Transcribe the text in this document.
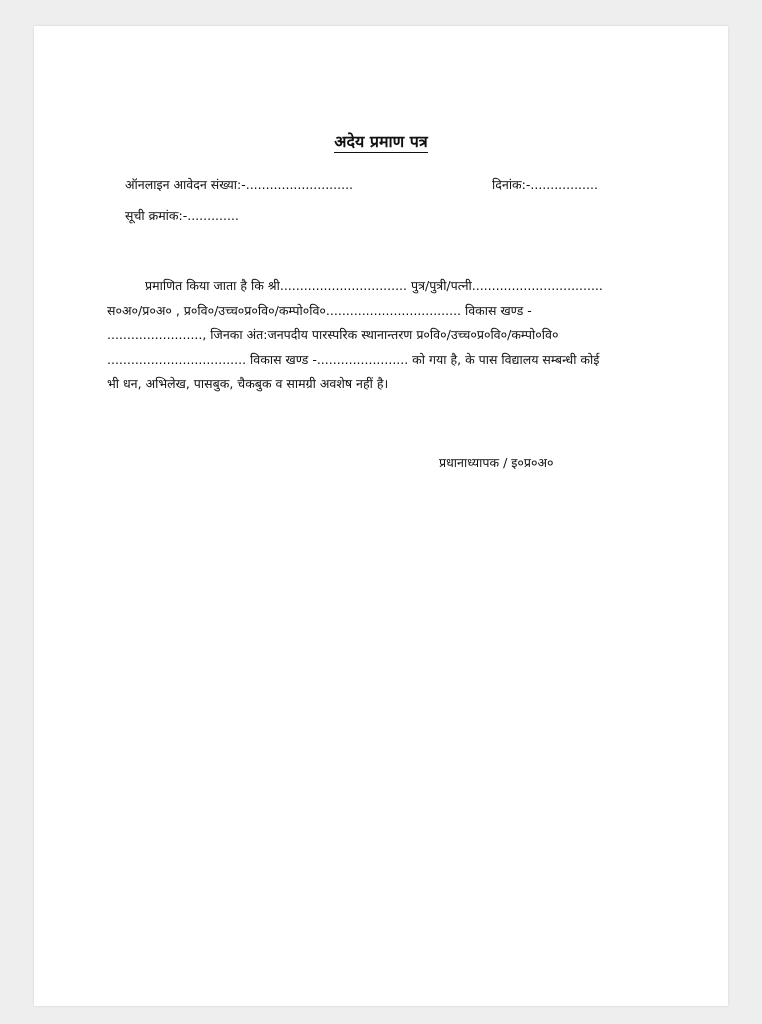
अदेय प्रमाण पत्र
ऑनलाइन आवेदन संख्या:-...........................	दिनांक:-.................
सूची क्रमांक:-.............
प्रमाणित किया जाता है कि श्री................................ पुत्र/पुत्री/पत्नी.................................
स०अ०/प्र०अ० , प्र०वि०/उच्च०प्र०वि०/कम्पो०वि०.................................. विकास खण्ड -
........................, जिनका अंत:जनपदीय पारस्परिक स्थानान्तरण प्र०वि०/उच्च०प्र०वि०/कम्पो०वि०
................................... विकास खण्ड -....................... को गया है, के पास विद्यालय सम्बन्धी कोई
भी धन, अभिलेख, पासबुक, चैकबुक व सामग्री अवशेष नहीं है।
प्रधानाध्यापक / इ०प्र०अ०
